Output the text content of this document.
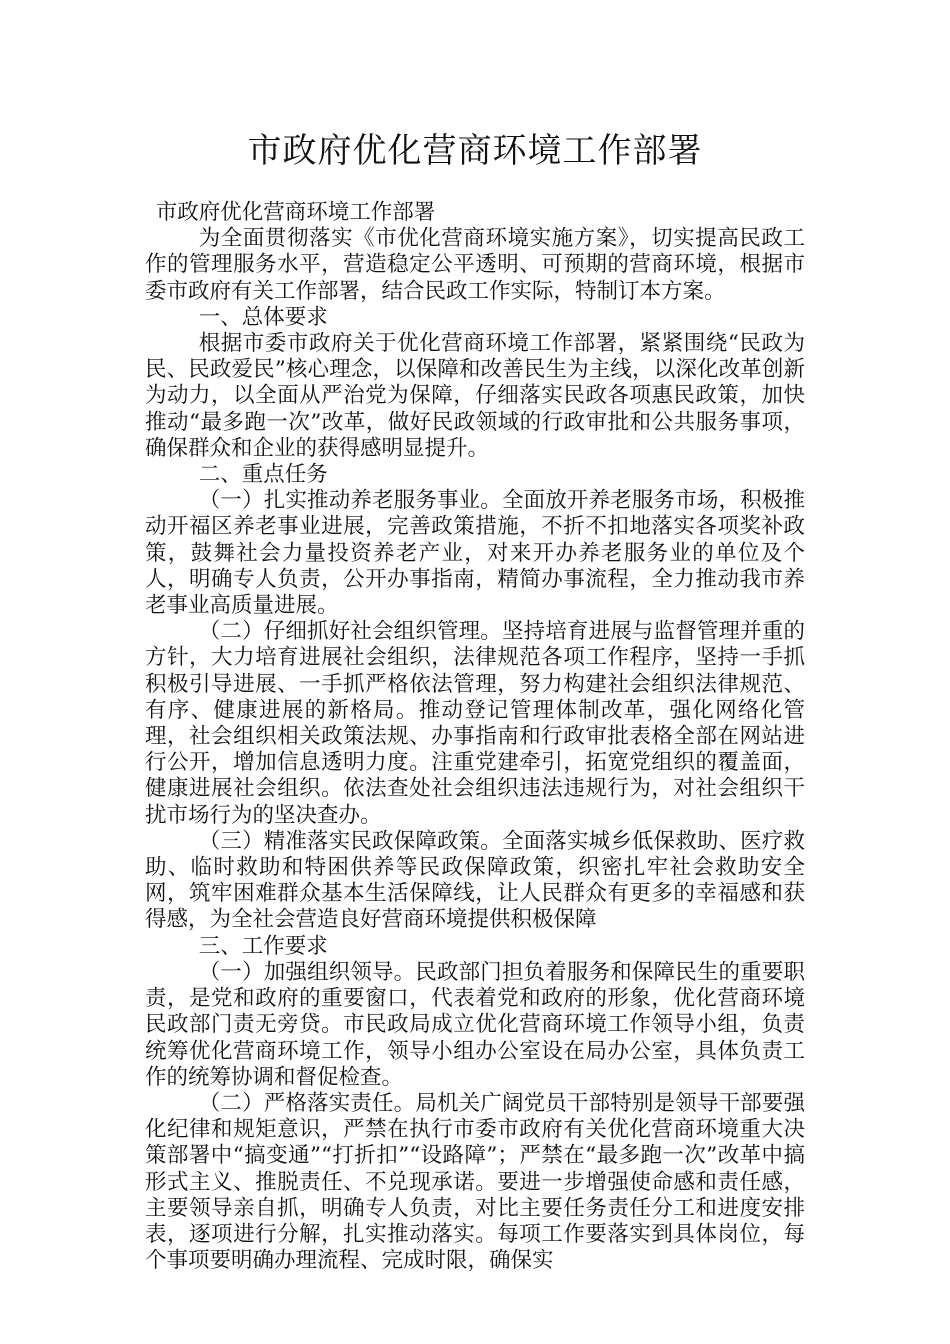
市政府优化营商环境工作部署

市政府优化营商环境工作部署

为全面贯彻落实《市优化营商环境实施方案》，切实提高民政工作的管理服务水平，营造稳定公平透明、可预期的营商环境，根据市委市政府有关工作部署，结合民政工作实际，特制订本方案。

一、总体要求

根据市委市政府关于优化营商环境工作部署，紧紧围绕“民政为民、民政爱民”核心理念，以保障和改善民生为主线，以深化改革创新为动力，以全面从严治党为保障，仔细落实民政各项惠民政策，加快推动“最多跑一次”改革，做好民政领域的行政审批和公共服务事项，确保群众和企业的获得感明显提升。

二、重点任务

（一）扎实推动养老服务事业。全面放开养老服务市场，积极推动开福区养老事业进展，完善政策措施，不折不扣地落实各项奖补政策，鼓舞社会力量投资养老产业，对来开办养老服务业的单位及个人，明确专人负责，公开办事指南，精简办事流程，全力推动我市养老事业高质量进展。

（二）仔细抓好社会组织管理。坚持培育进展与监督管理并重的方针，大力培育进展社会组织，法律规范各项工作程序，坚持一手抓积极引导进展、一手抓严格依法管理，努力构建社会组织法律规范、有序、健康进展的新格局。推动登记管理体制改革，强化网络化管理，社会组织相关政策法规、办事指南和行政审批表格全部在网站进行公开，增加信息透明力度。注重党建牵引，拓宽党组织的覆盖面，健康进展社会组织。依法查处社会组织违法违规行为，对社会组织干扰市场行为的坚决查办。

（三）精准落实民政保障政策。全面落实城乡低保救助、医疗救助、临时救助和特困供养等民政保障政策，织密扎牢社会救助安全网，筑牢困难群众基本生活保障线，让人民群众有更多的幸福感和获得感，为全社会营造良好营商环境提供积极保障

三、工作要求

（一）加强组织领导。民政部门担负着服务和保障民生的重要职责，是党和政府的重要窗口，代表着党和政府的形象，优化营商环境民政部门责无旁贷。市民政局成立优化营商环境工作领导小组，负责统筹优化营商环境工作，领导小组办公室设在局办公室，具体负责工作的统筹协调和督促检查。

（二）严格落实责任。局机关广阔党员干部特别是领导干部要强化纪律和规矩意识，严禁在执行市委市政府有关优化营商环境重大决策部署中“搞变通”“打折扣”“设路障”；严禁在“最多跑一次”改革中搞形式主义、推脱责任、不兑现承诺。要进一步增强使命感和责任感，主要领导亲自抓，明确专人负责，对比主要任务责任分工和进度安排表，逐项进行分解，扎实推动落实。每项工作要落实到具体岗位，每个事项要明确办理流程、完成时限，确保实
